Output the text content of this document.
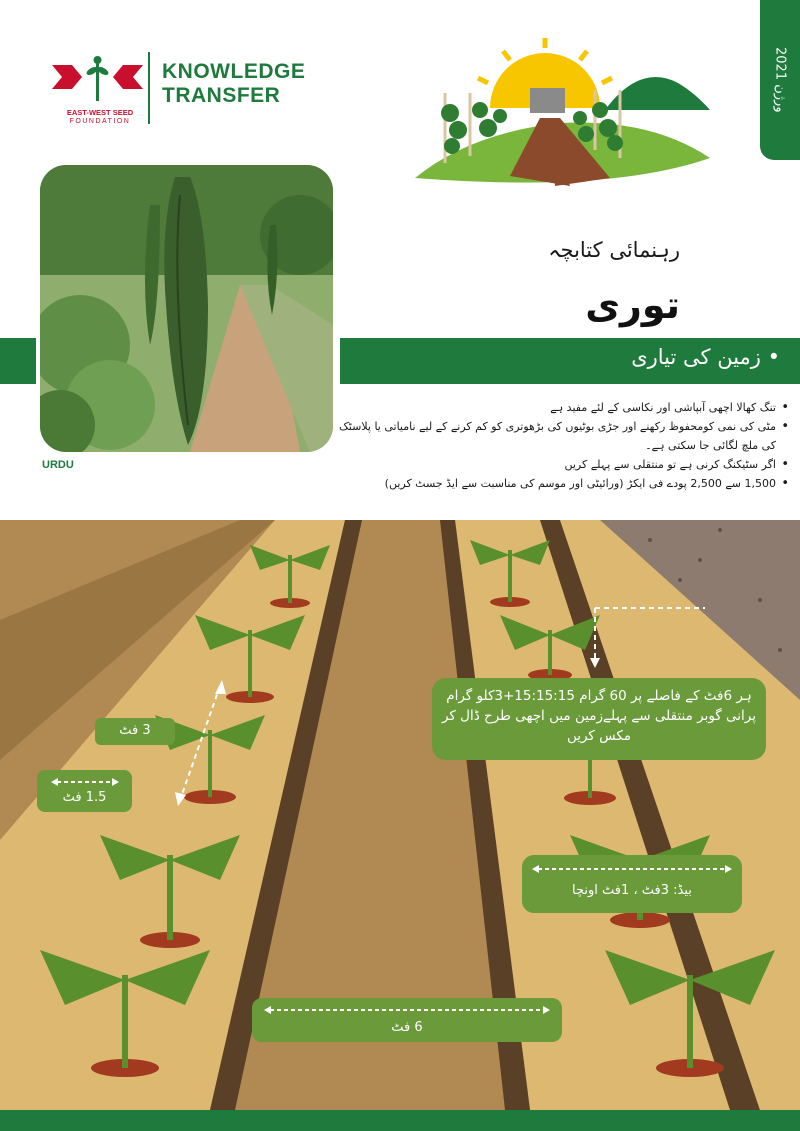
EAST-WEST SEED
FOUNDATION
KNOWLEDGE
TRANSFER
ورژن 2021
URDU
رہنمائی کتابچہ
توری
• زمین کی تیاری
• تنگ کھالا اچھی آبپاشی اور نکاسی کے لئے مفید ہے
• مٹی کی نمی کومحفوظ رکھنے اور جڑی بوٹیوں کی بڑھوتری کو کم کرنے کے لیے نامیاتی یا پلاسٹک کی ملچ لگائی جا سکتی ہے۔
• اگر سٹیکنگ کرنی ہے تو منتقلی سے پہلے کریں
• 1,500 سے 2,500 پودے فی ایکڑ (ورائیٹی اور موسم کی مناسبت سے ایڈ جسٹ کریں)
3 فٹ
1.5 فٹ
ہر 6فٹ کے فاصلے پر 60 گرام 15:15:15+3کلو گرام پرانی گوبر منتقلی سے پہلےزمین میں اچھی طرح ڈال کر مکس کریں
بیڈ: 3فٹ ، 1فٹ اونچا
6 فٹ
